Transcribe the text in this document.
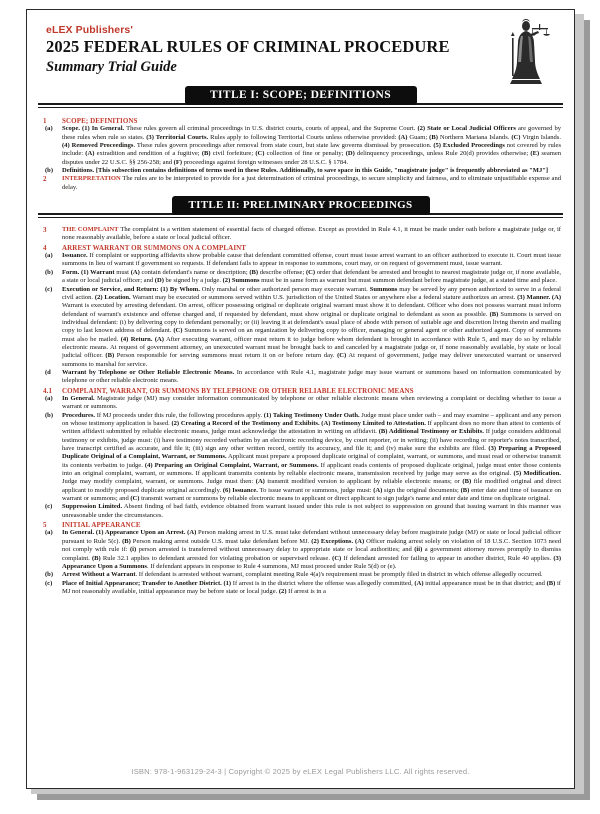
eLEX Publishers'
2025 FEDERAL RULES OF CRIMINAL PROCEDURE
Summary Trial Guide
TITLE I: SCOPE; DEFINITIONS
1	SCOPE; DEFINITIONS
(a)	Scope. (1) In General. These rules govern all criminal proceedings in U.S. district courts, courts of appeal, and the Supreme Court. (2) State or Local Judicial Officers are governed by these rules when rule so states. (3) Territorial Courts. Rules apply to following Territorial Courts unless otherwise provided: (A) Guam; (B) Northern Mariana Islands. (C) Virgin Islands. (4) Removed Proceedings. These rules govern proceedings after removal from state court, but state law governs dismissal by prosecution. (5) Excluded Proceedings not covered by rules include: (A) extradition and rendition of a fugitive; (B) civil forfeiture; (C) collection of fine or penalty; (D) delinquency proceedings, unless Rule 20(d) provides otherwise; (E) seamen disputes under 22 U.S.C. §§ 256-258; and (F) proceedings against foreign witnesses under 28 U.S.C. § 1784.
(b)	Definitions. [This subsection contains definitions of terms used in these Rules. Additionally, to save space in this Guide, "magistrate judge" is frequently abbreviated as "MJ"]
2	INTERPRETATION The rules are to be interpreted to provide for a just determination of criminal proceedings, to secure simplicity and fairness, and to eliminate unjustifiable expense and delay.
TITLE II: PRELIMINARY PROCEEDINGS
3	THE COMPLAINT The complaint is a written statement of essential facts of charged offense. Except as provided in Rule 4.1, it must be made under oath before a magistrate judge or, if none reasonably available, before a state or local judicial officer.
4	ARREST WARRANT OR SUMMONS ON A COMPLAINT
(a)	Issuance. If complaint or supporting affidavits show probable cause that defendant committed offense, court must issue arrest warrant to an officer authorized to execute it. Court must issue summons in lieu of warrant if government so requests. If defendant fails to appear in response to summons, court may, or on request of government must, issue warrant.
(b)	Form. (1) Warrant must (A) contain defendant's name or description; (B) describe offense; (C) order that defendant be arrested and brought to nearest magistrate judge or, if none available, a state or local judicial officer; and (D) be signed by a judge. (2) Summons must be in same form as warrant but must summon defendant before magistrate judge, at a stated time and place.
(c)	Execution or Service, and Return: (1) By Whom. Only marshal or other authorized person may execute warrant. Summons may be served by any person authorized to serve in a federal civil action. (2) Location. Warrant may be executed or summons served within U.S. jurisdiction of the United States or anywhere else a federal stature authorizes an arrest. (3) Manner. (A) Warrant is executed by arresting defendant. On arrest, officer possessing original or duplicate original warrant must show it to defendant. Officer who does not possess warrant must inform defendant of warrant's existence and offense charged and, if requested by defendant, must show original or duplicate original to defendant as soon as possible. (B) Summons is served on individual defendant: (i) by delivering copy to defendant personally; or (ii) leaving it at defendant's usual place of abode with person of suitable age and discretion living therein and mailing copy to last known address of defendant. (C) Summons is served on an organization by delivering copy to officer, managing or general agent or other authorized agent. Copy of summons must also be mailed. (4) Return. (A) After executing warrant, officer must return it to judge before whom defendant is brought in accordance with Rule 5, and may do so by reliable electronic means. At request of government attorney, an unexecuted warrant must be brought back to and canceled by a magistrate judge or, if none reasonably available, by state or local judicial officer. (B) Person responsible for serving summons must return it on or before return day. (C) At request of government, judge may deliver unexecuted warrant or unserved summons to marshal for service.
(d	Warrant by Telephone or Other Reliable Electronic Means. In accordance with Rule 4.1, magistrate judge may issue warrant or summons based on information communicated by telephone or other reliable electronic means.
4.1	COMPLAINT, WARRANT, OR SUMMONS BY TELEPHONE OR OTHER RELIABLE ELECTRONIC MEANS
(a)	In General. Magistrate judge (MJ) may consider information communicated by telephone or other reliable electronic means when reviewing a complaint or deciding whether to issue a warrant or summons.
(b)	Procedures. If MJ proceeds under this rule, the following procedures apply. (1) Taking Testimony Under Oath. Judge must place under oath – and may examine – applicant and any person on whose testimony application is based. (2) Creating a Record of the Testimony and Exhibits. (A) Testimony Limited to Attestation. If applicant does no more than attest to contents of written affidavit submitted by reliable electronic means, judge must acknowledge the attestation in writing on affidavit. (B) Additional Testimony or Exhibits. If judge considers additional testimony or exhibits, judge must: (i) have testimony recorded verbatim by an electronic recording device, by court reporter, or in writing; (ii) have recording or reporter's notes transcribed, have transcript certified as accurate, and file it; (iii) sign any other written record, certify its accuracy, and file it; and (iv) make sure the exhibits are filed. (3) Preparing a Proposed Duplicate Original of a Complaint, Warrant, or Summons. Applicant must prepare a proposed duplicate original of complaint, warrant, or summons, and must read or otherwise transmit its contents verbatim to judge. (4) Preparing an Original Complaint, Warrant, or Summons. If applicant reads contents of proposed duplicate original, judge must enter those contents into an original complaint, warrant, or summons. If applicant transmits contents by reliable electronic means, transmission received by judge may serve as the original. (5) Modification. Judge may modify complaint, warrant, or summons. Judge must then: (A) transmit modified version to applicant by reliable electronic means; or (B) file modified original and direct applicant to modify proposed duplicate original accordingly. (6) Issuance. To issue warrant or summons, judge must: (A) sign the original documents; (B) enter date and time of issuance on warrant or summons; and (C) transmit warrant or summons by reliable electronic means to applicant or direct applicant to sign judge's name and enter date and time on duplicate original.
(c)	Suppression Limited. Absent finding of bad faith, evidence obtained from warrant issued under this rule is not subject to suppression on ground that issuing warrant in this manner was unreasonable under the circumstances.
5	INITIAL APPEARANCE
(a)	In General. (1) Appearance Upon an Arrest. (A) Person making arrest in U.S. must take defendant without unnecessary delay before magistrate judge (MJ) or state or local judicial officer pursuant to Rule 5(c). (B) Person making arrest outside U.S. must take defendant before MJ. (2) Exceptions. (A) Officer making arrest solely on violation of 18 U.S.C. Section 1073 need not comply with rule if: (i) person arrested is transferred without unnecessary delay to appropriate state or local authorities; and (ii) a government attorney moves promptly to dismiss complaint. (B) Rule 32.1 applies to defendant arrested for violating probation or supervised release. (C) If defendant arrested for failing to appear in another district, Rule 40 applies. (3) Appearance Upon a Summons. If defendant appears in response to Rule 4 summons, MJ must proceed under Rule 5(d) or (e).
(b)	Arrest Without a Warrant. If defendant is arrested without warrant, complaint meeting Rule 4(a)'s requirement must be promptly filed in district in which offense allegedly occurred.
(c)	Place of Initial Appearance; Transfer to Another District. (1) If arrest is in the district where the offense was allegedly committed, (A) initial appearance must be in that district; and (B) if MJ not reasonably available, initial appearance may be before state or local judge. (2) If arrest is in a
ISBN: 978-1-963129-24-3 | Copyright © 2025 by eLEX Legal Publishers LLC. All rights reserved.
